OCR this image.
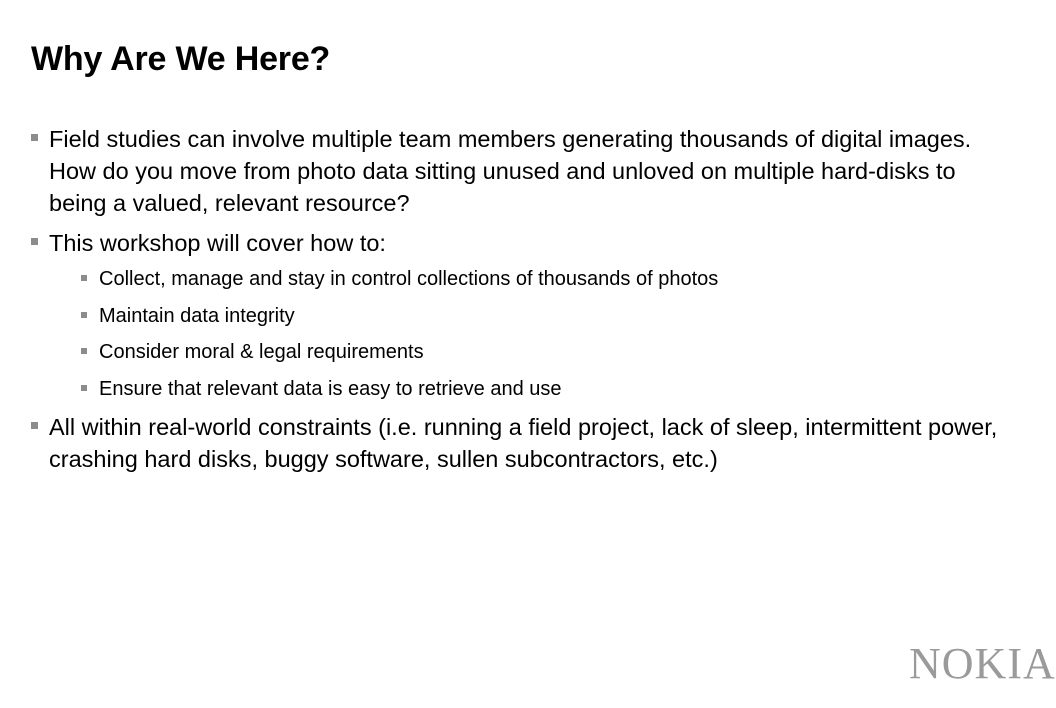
Why Are We Here?
Field studies can involve multiple team members generating thousands of digital images. How do you move from photo data sitting unused and unloved on multiple hard-disks to being a valued, relevant resource?
This workshop will cover how to:
Collect, manage and stay in control collections of thousands of photos
Maintain data integrity
Consider moral & legal requirements
Ensure that relevant data is easy to retrieve and use
All within real-world constraints (i.e. running a field project, lack of sleep, intermittent power, crashing hard disks, buggy software, sullen subcontractors, etc.)
NOKIA
